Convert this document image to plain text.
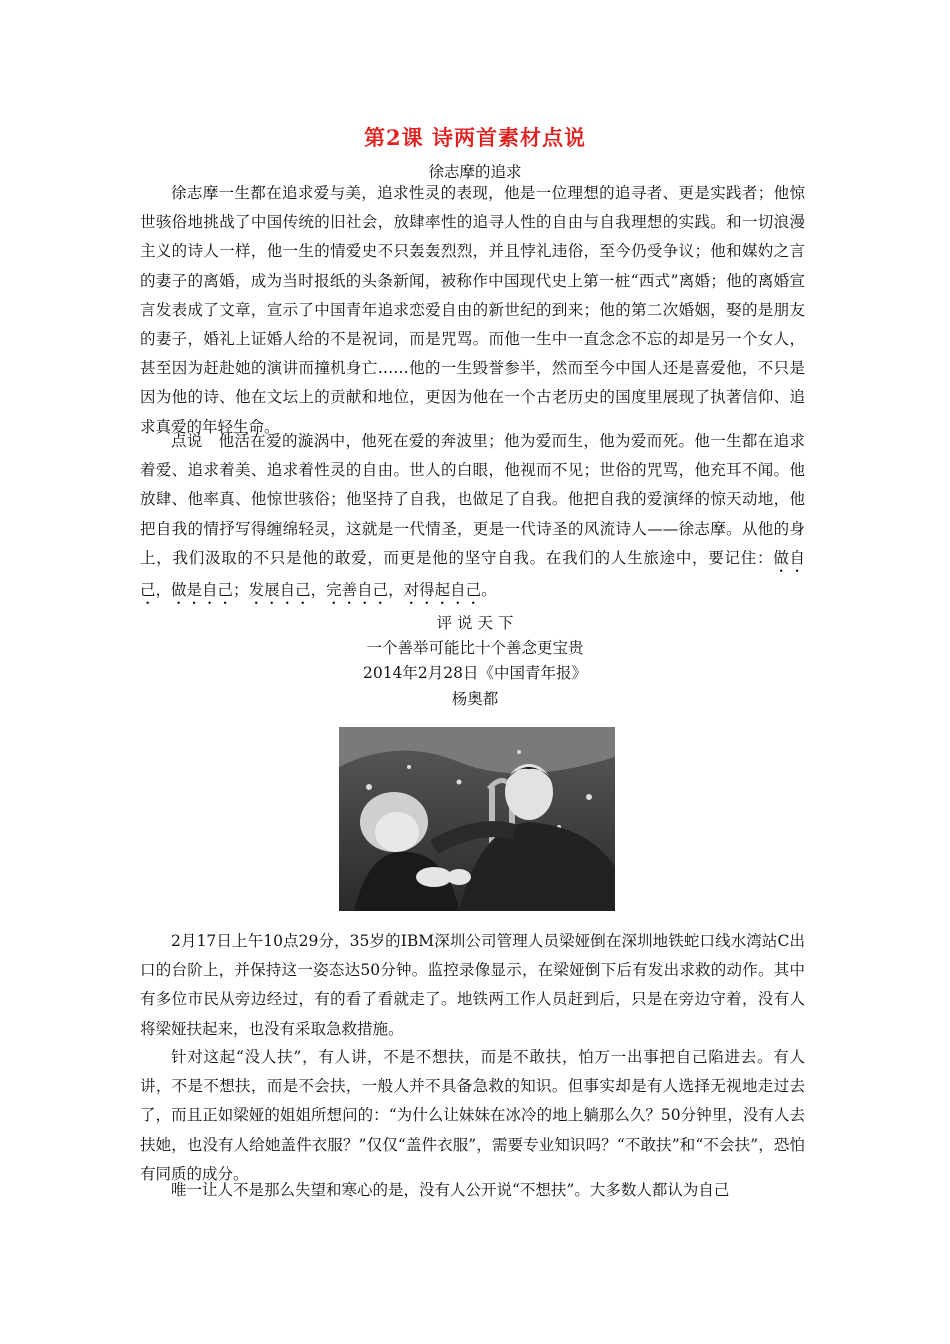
第2课 诗两首素材点说
徐志摩的追求

徐志摩一生都在追求爱与美，追求性灵的表现，他是一位理想的追寻者、更是实践者；他惊世骇俗地挑战了中国传统的旧社会，放肆率性的追寻人性的自由与自我理想的实践。和一切浪漫主义的诗人一样，他一生的情爱史不只轰轰烈烈，并且悖礼违俗，至今仍受争议；他和媒妁之言的妻子的离婚，成为当时报纸的头条新闻，被称作中国现代史上第一桩“西式”离婚；他的离婚宣言发表成了文章，宣示了中国青年追求恋爱自由的新世纪的到来；他的第二次婚姻，娶的是朋友的妻子，婚礼上证婚人给的不是祝词，而是咒骂。而他一生中一直念念不忘的却是另一个女人，甚至因为赶赴她的演讲而撞机身亡……他的一生毁誉参半，然而至今中国人还是喜爱他，不只是因为他的诗、他在文坛上的贡献和地位，更因为他在一个古老历史的国度里展现了执著信仰、追求真爱的年轻生命。

点说　他活在爱的漩涡中，他死在爱的奔波里；他为爱而生，他为爱而死。他一生都在追求着爱、追求着美、追求着性灵的自由。世人的白眼，他视而不见；世俗的咒骂，他充耳不闻。他放肆、他率真、他惊世骇俗；他坚持了自我，也做足了自我。他把自我的爱演绎的惊天动地，他把自我的情抒写得缠绵轻灵，这就是一代情圣，更是一代诗圣的风流诗人——徐志摩。从他的身上，我们汲取的不只是他的敢爱，而更是他的坚守自我。在我们的人生旅途中，要记住：做自己，做是自己；发展自己，完善自己，对得起自己。

评 说 天 下
一个善举可能比十个善念更宝贵
2014年2月28日《中国青年报》
杨奥都

2月17日上午10点29分，35岁的IBM深圳公司管理人员梁娅倒在深圳地铁蛇口线水湾站C出口的台阶上，并保持这一姿态达50分钟。监控录像显示，在梁娅倒下后有发出求救的动作。其中有多位市民从旁边经过，有的看了看就走了。地铁两工作人员赶到后，只是在旁边守着，没有人将梁娅扶起来，也没有采取急救措施。

针对这起“没人扶”，有人讲，不是不想扶，而是不敢扶，怕万一出事把自己陷进去。有人讲，不是不想扶，而是不会扶，一般人并不具备急救的知识。但事实却是有人选择无视地走过去了，而且正如梁娅的姐姐所想问的：“为什么让妹妹在冰冷的地上躺那么久？50分钟里，没有人去扶她，也没有人给她盖件衣服？”仅仅“盖件衣服”，需要专业知识吗？“不敢扶”和“不会扶”，恐怕有同质的成分。

唯一让人不是那么失望和寒心的是，没有人公开说“不想扶”。大多数人都认为自己
